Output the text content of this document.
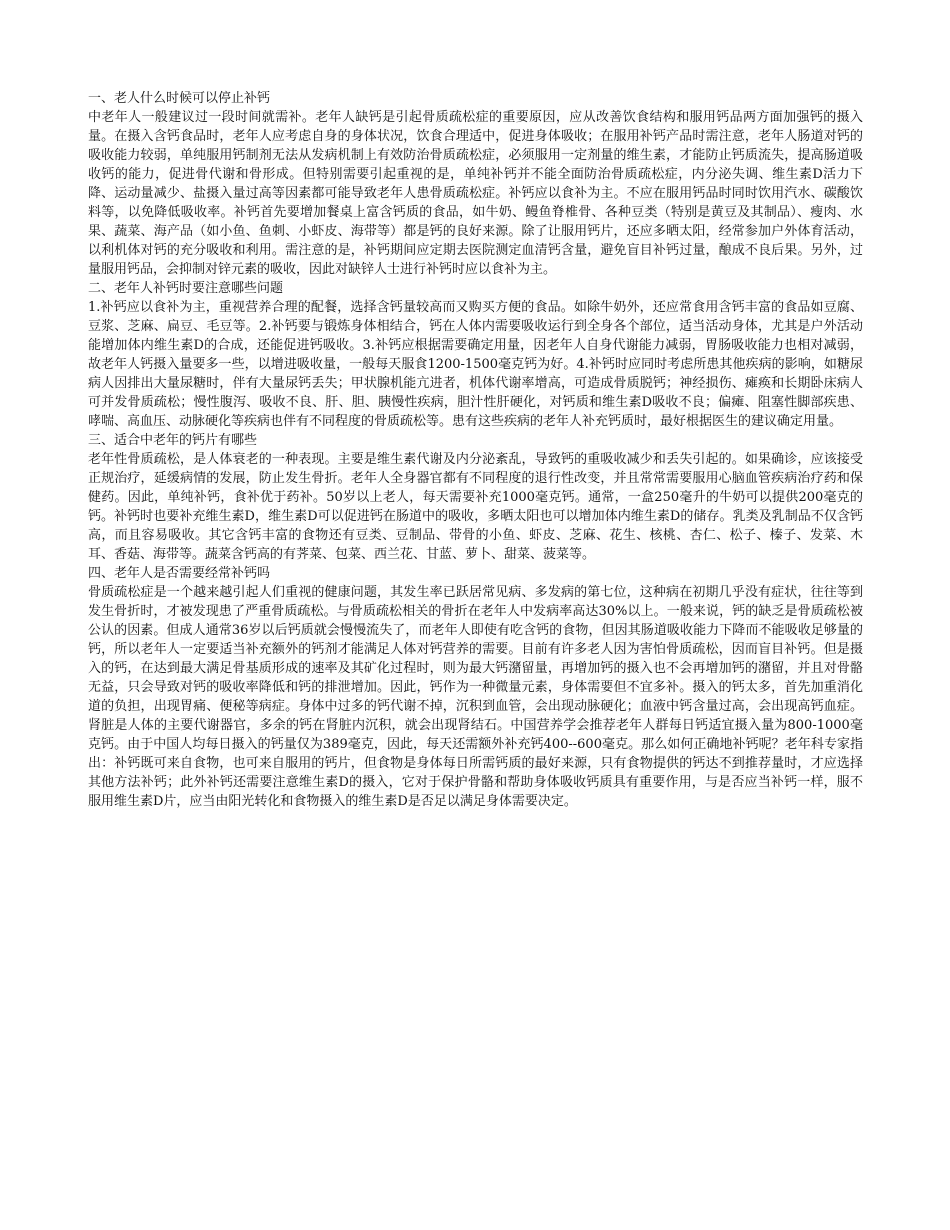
一、老人什么时候可以停止补钙

中老年人一般建议过一段时间就需补。老年人缺钙是引起骨质疏松症的重要原因，应从改善饮食结构和服用钙品两方面加强钙的摄入量。在摄入含钙食品时，老年人应考虑自身的身体状况，饮食合理适中，促进身体吸收；在服用补钙产品时需注意，老年人肠道对钙的吸收能力较弱，单纯服用钙制剂无法从发病机制上有效防治骨质疏松症，必须服用一定剂量的维生素，才能防止钙质流失，提高肠道吸收钙的能力，促进骨代谢和骨形成。但特别需要引起重视的是，单纯补钙并不能全面防治骨质疏松症，内分泌失调、维生素D活力下降、运动量减少、盐摄入量过高等因素都可能导致老年人患骨质疏松症。补钙应以食补为主。不应在服用钙品时同时饮用汽水、碳酸饮料等，以免降低吸收率。补钙首先要增加餐桌上富含钙质的食品，如牛奶、鳗鱼脊椎骨、各种豆类（特别是黄豆及其制品）、瘦肉、水果、蔬菜、海产品（如小鱼、鱼刺、小虾皮、海带等）都是钙的良好来源。除了让服用钙片，还应多晒太阳，经常参加户外体育活动，以利机体对钙的充分吸收和利用。需注意的是，补钙期间应定期去医院测定血清钙含量，避免盲目补钙过量，酿成不良后果。另外，过量服用钙品，会抑制对锌元素的吸收，因此对缺锌人士进行补钙时应以食补为主。

二、老年人补钙时要注意哪些问题

1.补钙应以食补为主，重视营养合理的配餐，选择含钙量较高而又购买方便的食品。如除牛奶外，还应常食用含钙丰富的食品如豆腐、豆浆、芝麻、扁豆、毛豆等。2.补钙要与锻炼身体相结合，钙在人体内需要吸收运行到全身各个部位，适当活动身体，尤其是户外活动能增加体内维生素D的合成，还能促进钙吸收。3.补钙应根据需要确定用量，因老年人自身代谢能力减弱，胃肠吸收能力也相对减弱，故老年人钙摄入量要多一些，以增进吸收量，一般每天服食1200-1500毫克钙为好。4.补钙时应同时考虑所患其他疾病的影响，如糖尿病人因排出大量尿糖时，伴有大量尿钙丢失；甲状腺机能亢进者，机体代谢率增高，可造成骨质脱钙；神经损伤、瘫痪和长期卧床病人可并发骨质疏松；慢性腹泻、吸收不良、肝、胆、胰慢性疾病，胆汁性肝硬化，对钙质和维生素D吸收不良；偏瘫、阻塞性脚部疾患、哮喘、高血压、动脉硬化等疾病也伴有不同程度的骨质疏松等。患有这些疾病的老年人补充钙质时，最好根据医生的建议确定用量。

三、适合中老年的钙片有哪些

老年性骨质疏松，是人体衰老的一种表现。主要是维生素代谢及内分泌紊乱，导致钙的重吸收减少和丢失引起的。如果确诊，应该接受正规治疗，延缓病情的发展，防止发生骨折。老年人全身器官都有不同程度的退行性改变，并且常常需要服用心脑血管疾病治疗药和保健药。因此，单纯补钙，食补优于药补。50岁以上老人，每天需要补充1000毫克钙。通常，一盒250毫升的牛奶可以提供200毫克的钙。补钙时也要补充维生素D，维生素D可以促进钙在肠道中的吸收，多晒太阳也可以增加体内维生素D的储存。乳类及乳制品不仅含钙高，而且容易吸收。其它含钙丰富的食物还有豆类、豆制品、带骨的小鱼、虾皮、芝麻、花生、核桃、杏仁、松子、榛子、发菜、木耳、香菇、海带等。蔬菜含钙高的有荠菜、包菜、西兰花、甘蓝、萝卜、甜菜、菠菜等。

四、老年人是否需要经常补钙吗

骨质疏松症是一个越来越引起人们重视的健康问题，其发生率已跃居常见病、多发病的第七位，这种病在初期几乎没有症状，往往等到发生骨折时，才被发现患了严重骨质疏松。与骨质疏松相关的骨折在老年人中发病率高达30%以上。一般来说，钙的缺乏是骨质疏松被公认的因素。但成人通常36岁以后钙质就会慢慢流失了，而老年人即使有吃含钙的食物，但因其肠道吸收能力下降而不能吸收足够量的钙，所以老年人一定要适当补充额外的钙剂才能满足人体对钙营养的需要。目前有许多老人因为害怕骨质疏松，因而盲目补钙。但是摄入的钙，在达到最大满足骨基质形成的速率及其矿化过程时，则为最大钙潴留量，再增加钙的摄入也不会再增加钙的潴留，并且对骨骼无益，只会导致对钙的吸收率降低和钙的排泄增加。因此，钙作为一种微量元素，身体需要但不宜多补。摄入的钙太多，首先加重消化道的负担，出现胃痛、便秘等病症。身体中过多的钙代谢不掉，沉积到血管，会出现动脉硬化；血液中钙含量过高，会出现高钙血症。肾脏是人体的主要代谢器官，多余的钙在肾脏内沉积，就会出现肾结石。中国营养学会推荐老年人群每日钙适宜摄入量为800-1000毫克钙。由于中国人均每日摄入的钙量仅为389毫克，因此，每天还需额外补充钙400--600毫克。那么如何正确地补钙呢？老年科专家指出：补钙既可来自食物，也可来自服用的钙片，但食物是身体每日所需钙质的最好来源，只有食物提供的钙达不到推荐量时，才应选择其他方法补钙；此外补钙还需要注意维生素D的摄入，它对于保护骨骼和帮助身体吸收钙质具有重要作用，与是否应当补钙一样，服不服用维生素D片，应当由阳光转化和食物摄入的维生素D是否足以满足身体需要决定。
